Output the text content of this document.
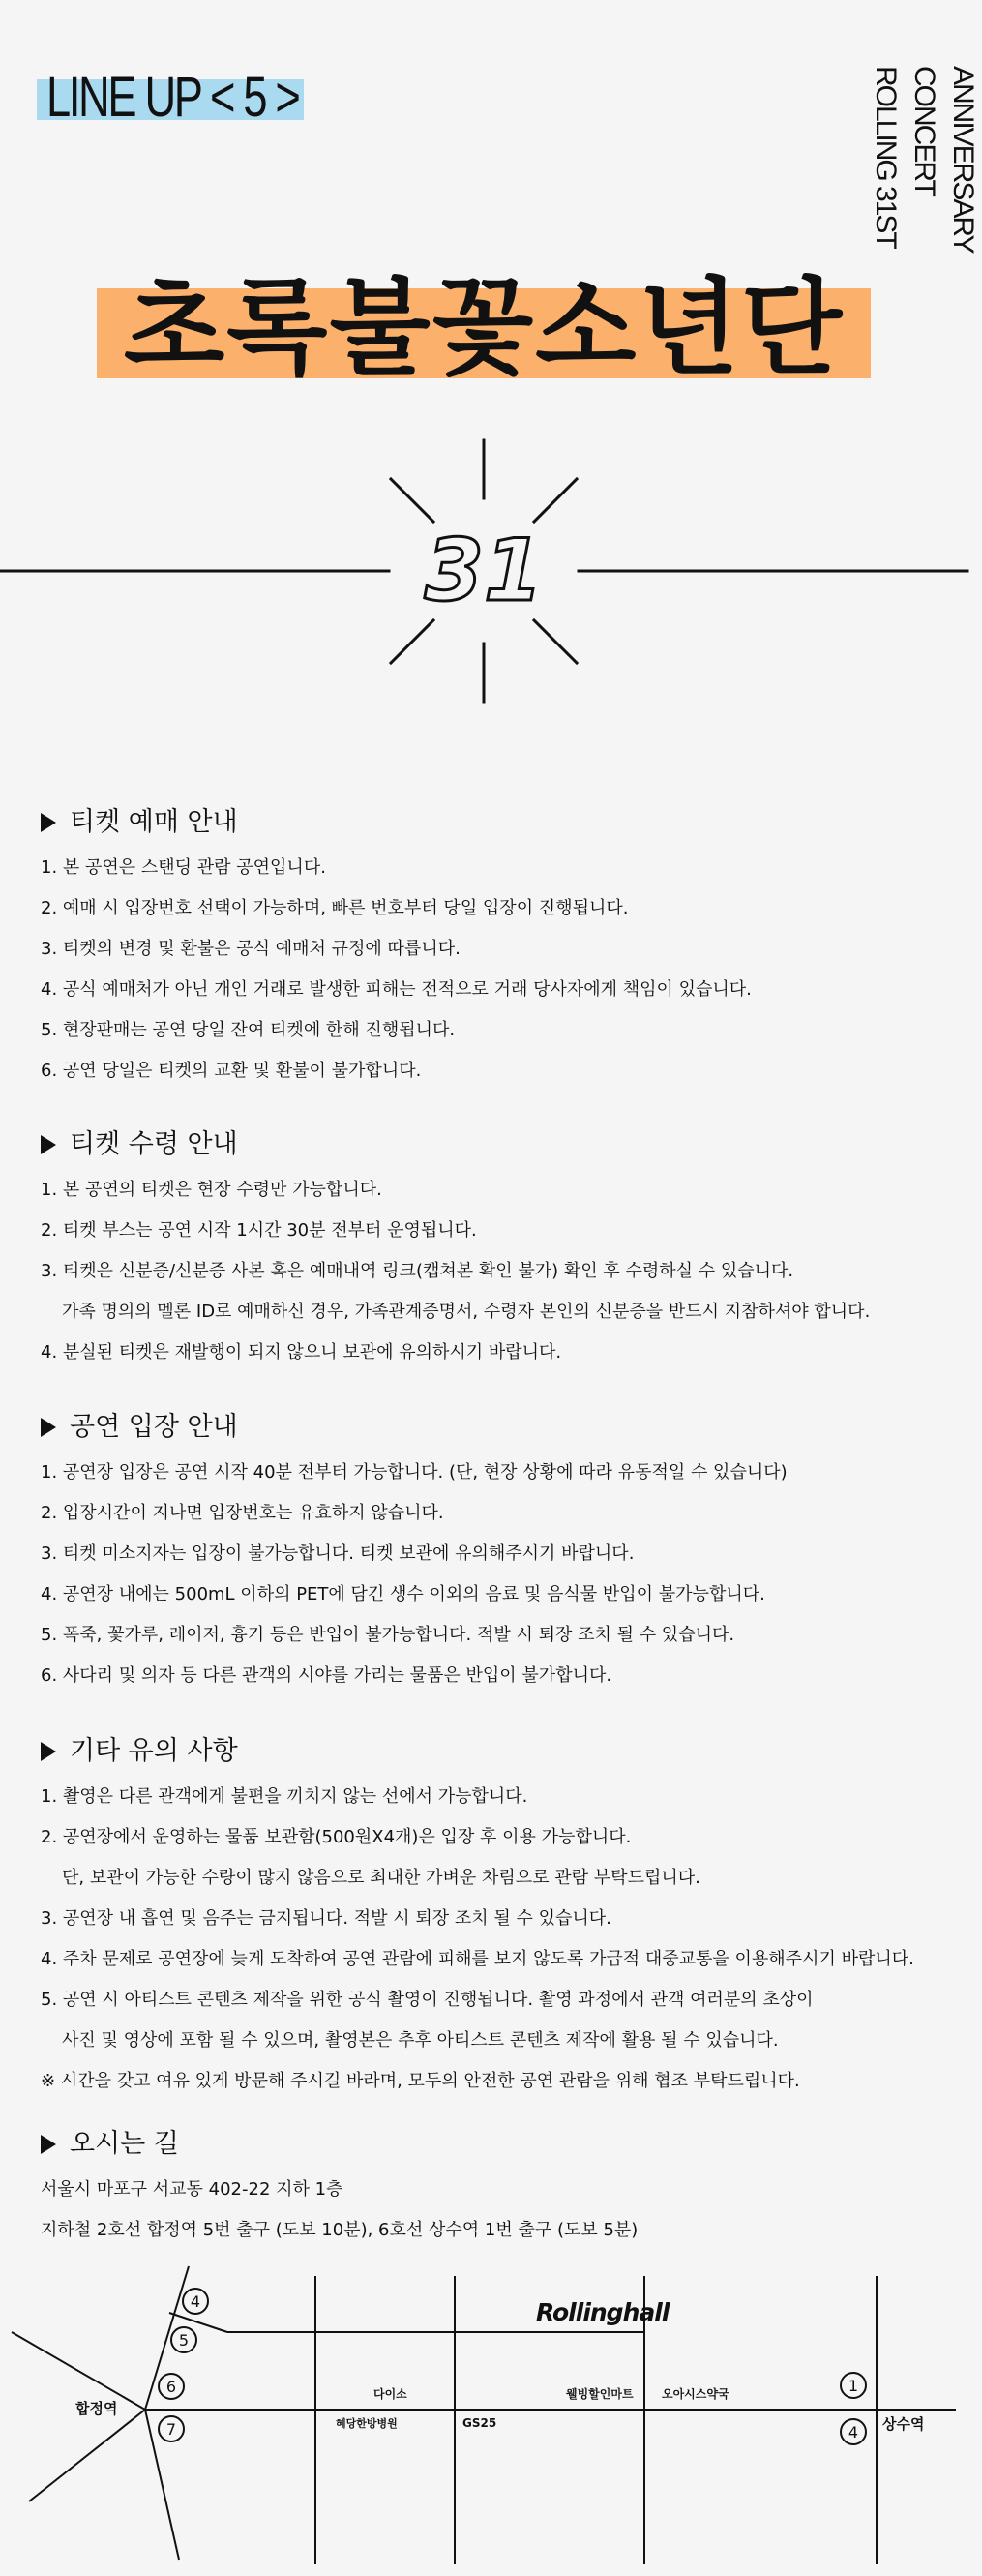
LINE UP < 5 >	ROLLING 31ST	ANNIVERSARY CONCERT
초록불꽃소년단
31
티켓 예매 안내
1. 본 공연은 스탠딩 관람 공연입니다.
2. 예매 시 입장번호 선택이 가능하며, 빠른 번호부터 당일 입장이 진행됩니다.
3. 티켓의 변경 및 환불은 공식 예매처 규정에 따릅니다.
4. 공식 예매처가 아닌 개인 거래로 발생한 피해는 전적으로 거래 당사자에게 책임이 있습니다.
5. 현장판매는 공연 당일 잔여 티켓에 한해 진행됩니다.
6. 공연 당일은 티켓의 교환 및 환불이 불가합니다.
티켓 수령 안내
1. 본 공연의 티켓은 현장 수령만 가능합니다.
2. 티켓 부스는 공연 시작 1시간 30분 전부터 운영됩니다.
3. 티켓은 신분증/신분증 사본 혹은 예매내역 링크(캡쳐본 확인 불가) 확인 후 수령하실 수 있습니다.
가족 명의의 멜론 ID로 예매하신 경우, 가족관계증명서, 수령자 본인의 신분증을 반드시 지참하셔야 합니다.
4. 분실된 티켓은 재발행이 되지 않으니 보관에 유의하시기 바랍니다.
공연 입장 안내
1. 공연장 입장은 공연 시작 40분 전부터 가능합니다. (단, 현장 상황에 따라 유동적일 수 있습니다)
2. 입장시간이 지나면 입장번호는 유효하지 않습니다.
3. 티켓 미소지자는 입장이 불가능합니다. 티켓 보관에 유의해주시기 바랍니다.
4. 공연장 내에는 500mL 이하의 PET에 담긴 생수 이외의 음료 및 음식물 반입이 불가능합니다.
5. 폭죽, 꽃가루, 레이저, 흉기 등은 반입이 불가능합니다. 적발 시 퇴장 조치 될 수 있습니다.
6. 사다리 및 의자 등 다른 관객의 시야를 가리는 물품은 반입이 불가합니다.
기타 유의 사항
1. 촬영은 다른 관객에게 불편을 끼치지 않는 선에서 가능합니다.
2. 공연장에서 운영하는 물품 보관함(500원X4개)은 입장 후 이용 가능합니다.
단, 보관이 가능한 수량이 많지 않음으로 최대한 가벼운 차림으로 관람 부탁드립니다.
3. 공연장 내 흡연 및 음주는 금지됩니다. 적발 시 퇴장 조치 될 수 있습니다.
4. 주차 문제로 공연장에 늦게 도착하여 공연 관람에 피해를 보지 않도록 가급적 대중교통을 이용해주시기 바랍니다.
5. 공연 시 아티스트 콘텐츠 제작을 위한 공식 촬영이 진행됩니다. 촬영 과정에서 관객 여러분의 초상이
사진 및 영상에 포함 될 수 있으며, 촬영본은 추후 아티스트 콘텐츠 제작에 활용 될 수 있습니다.
※ 시간을 갖고 여유 있게 방문해 주시길 바라며, 모두의 안전한 공연 관람을 위해 협조 부탁드립니다.
오시는 길
서울시 마포구 서교동 402-22 지하 1층
지하철 2호선 합정역 5번 출구 (도보 10분), 6호선 상수역 1번 출구 (도보 5분)
4
5
6
7
1
4
합정역
상수역
Rollinghall
다이소
혜당한방병원	GS25
웰빙할인마트 오아시스약국
